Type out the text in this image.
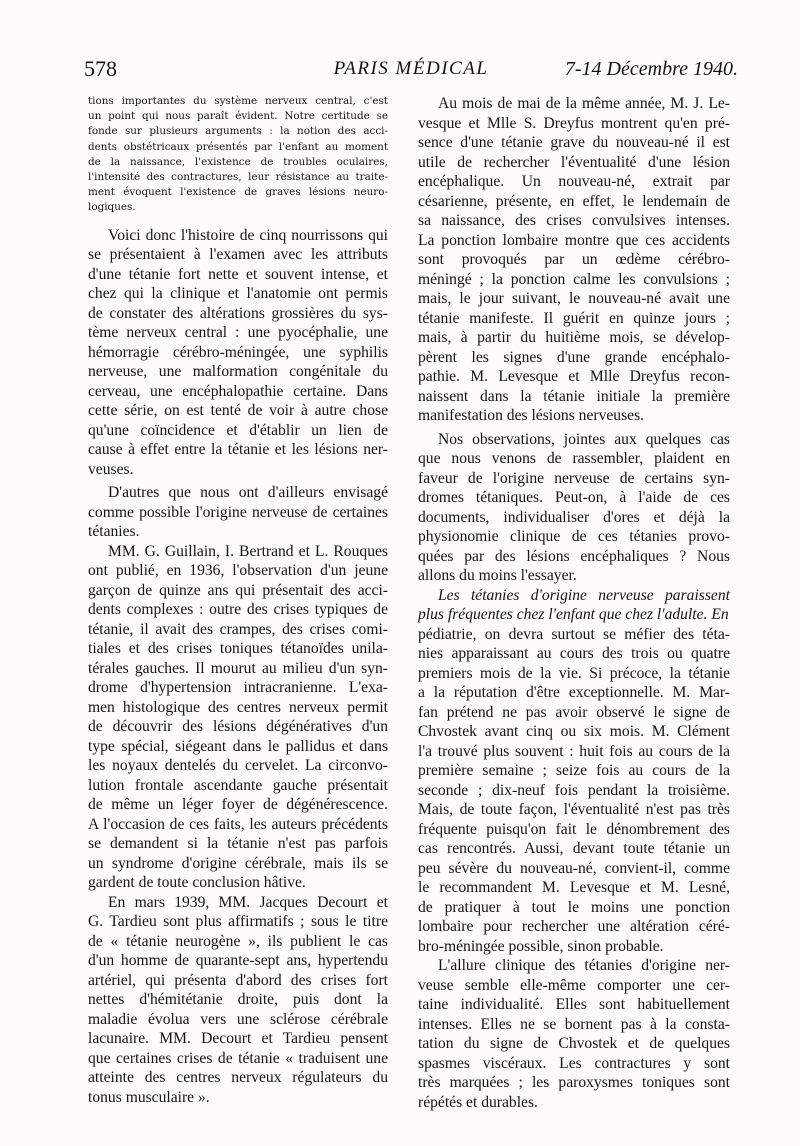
578	PARIS MÉDICAL	7-14 Décembre 1940.

tions importantes du système nerveux central, c'est
un point qui nous paraît évident. Notre certitude se
fonde sur plusieurs arguments : la notion des acci-
dents obstétricaux présentés par l'enfant au moment
de la naissance, l'existence de troubles oculaires,
l'intensité des contractures, leur résistance au traite-
ment évoquent l'existence de graves lésions neuro-
logiques.

Voici donc l'histoire de cinq nourrissons qui
se présentaient à l'examen avec les attributs
d'une tétanie fort nette et souvent intense, et
chez qui la clinique et l'anatomie ont permis
de constater des altérations grossières du sys-
tème nerveux central : une pyocéphalie, une
hémorragie cérébro-méningée, une syphilis
nerveuse, une malformation congénitale du
cerveau, une encéphalopathie certaine. Dans
cette série, on est tenté de voir à autre chose
qu'une coïncidence et d'établir un lien de
cause à effet entre la tétanie et les lésions ner-
veuses.

D'autres que nous ont d'ailleurs envisagé
comme possible l'origine nerveuse de certaines
tétanies.

MM. G. Guillain, I. Bertrand et L. Rouques
ont publié, en 1936, l'observation d'un jeune
garçon de quinze ans qui présentait des acci-
dents complexes : outre des crises typiques de
tétanie, il avait des crampes, des crises comi-
tiales et des crises toniques tétanoïdes unila-
térales gauches. Il mourut au milieu d'un syn-
drome d'hypertension intracranienne. L'exa-
men histologique des centres nerveux permit
de découvrir des lésions dégénératives d'un
type spécial, siégeant dans le pallidus et dans
les noyaux dentelés du cervelet. La circonvo-
lution frontale ascendante gauche présentait
de même un léger foyer de dégénérescence.
A l'occasion de ces faits, les auteurs précédents
se demandent si la tétanie n'est pas parfois
un syndrome d'origine cérébrale, mais ils se
gardent de toute conclusion hâtive.

En mars 1939, MM. Jacques Decourt et
G. Tardieu sont plus affirmatifs ; sous le titre
de « tétanie neurogène », ils publient le cas
d'un homme de quarante-sept ans, hypertendu
artériel, qui présenta d'abord des crises fort
nettes d'hémitétanie droite, puis dont la
maladie évolua vers une sclérose cérébrale
lacunaire. MM. Decourt et Tardieu pensent
que certaines crises de tétanie « traduisent une
atteinte des centres nerveux régulateurs du
tonus musculaire ».

Au mois de mai de la même année, M. J. Le-
vesque et Mlle S. Dreyfus montrent qu'en pré-
sence d'une tétanie grave du nouveau-né il est
utile de rechercher l'éventualité d'une lésion
encéphalique. Un nouveau-né, extrait par
césarienne, présente, en effet, le lendemain de
sa naissance, des crises convulsives intenses.
La ponction lombaire montre que ces accidents
sont provoqués par un œdème cérébro-
méningé ; la ponction calme les convulsions ;
mais, le jour suivant, le nouveau-né avait une
tétanie manifeste. Il guérit en quinze jours ;
mais, à partir du huitième mois, se dévelop-
pèrent les signes d'une grande encéphalo-
pathie. M. Levesque et Mlle Dreyfus recon-
naissent dans la tétanie initiale la première
manifestation des lésions nerveuses.

Nos observations, jointes aux quelques cas
que nous venons de rassembler, plaident en
faveur de l'origine nerveuse de certains syn-
dromes tétaniques. Peut-on, à l'aide de ces
documents, individualiser d'ores et déjà la
physionomie clinique de ces tétanies provo-
quées par des lésions encéphaliques ? Nous
allons du moins l'essayer.

Les tétanies d'origine nerveuse paraissent
plus fréquentes chez l'enfant que chez l'adulte. En

pédiatrie, on devra surtout se méfier des téta-
nies apparaissant au cours des trois ou quatre
premiers mois de la vie. Si précoce, la tétanie
a la réputation d'être exceptionnelle. M. Mar-
fan prétend ne pas avoir observé le signe de
Chvostek avant cinq ou six mois. M. Clément
l'a trouvé plus souvent : huit fois au cours de la
première semaine ; seize fois au cours de la
seconde ; dix-neuf fois pendant la troisième.
Mais, de toute façon, l'éventualité n'est pas très
fréquente puisqu'on fait le dénombrement des
cas rencontrés. Aussi, devant toute tétanie un
peu sévère du nouveau-né, convient-il, comme
le recommandent M. Levesque et M. Lesné,
de pratiquer à tout le moins une ponction
lombaire pour rechercher une altération céré-
bro-méningée possible, sinon probable.

L'allure clinique des tétanies d'origine ner-
veuse semble elle-même comporter une cer-
taine individualité. Elles sont habituellement
intenses. Elles ne se bornent pas à la consta-
tation du signe de Chvostek et de quelques
spasmes viscéraux. Les contractures y sont
très marquées ; les paroxysmes toniques sont
répétés et durables.
